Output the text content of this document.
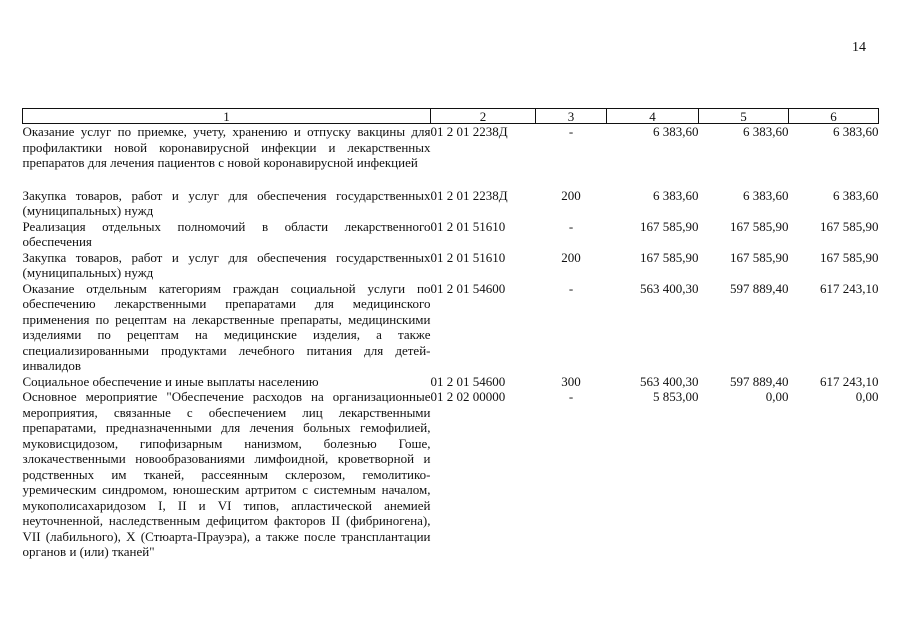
14
1	2	3	4	5	6
Оказание услуг по приемке, учету, хранению и отпуску вакцины для профилактики новой коронавирусной инфекции и лекарственных препаратов для лечения пациентов с новой коронавирусной инфекцией	01 2 01 2238Д	-	6 383,60	6 383,60	6 383,60

Закупка товаров, работ и услуг для обеспечения государственных (муниципальных) нужд	01 2 01 2238Д	200	6 383,60	6 383,60	6 383,60
Реализация отдельных полномочий в области лекарственного обеспечения	01 2 01 51610	-	167 585,90	167 585,90	167 585,90
Закупка товаров, работ и услуг для обеспечения государственных (муниципальных) нужд	01 2 01 51610	200	167 585,90	167 585,90	167 585,90
Оказание отдельным категориям граждан социальной услуги по обеспечению лекарственными препаратами для медицинского применения по рецептам на лекарственные препараты, медицинскими изделиями по рецептам на медицинские изделия, а также специализированными продуктами лечебного питания для детей-инвалидов	01 2 01 54600	-	563 400,30	597 889,40	617 243,10
Социальное обеспечение и иные выплаты населению	01 2 01 54600	300	563 400,30	597 889,40	617 243,10
Основное мероприятие "Обеспечение расходов на организационные мероприятия, связанные с обеспечением лиц лекарственными препаратами, предназначенными для лечения больных гемофилией, муковисцидозом, гипофизарным нанизмом, болезнью Гоше, злокачественными новообразованиями лимфоидной, кроветворной и родственных им тканей, рассеянным склерозом, гемолитико-уремическим синдромом, юношеским артритом с системным началом, мукополисахаридозом I, II и VI типов, апластической анемией неуточненной, наследственным дефицитом факторов II (фибриногена), VII (лабильного), X (Стюарта-Прауэра), а также после трансплантации органов и (или) тканей"	01 2 02 00000	-	5 853,00	0,00	0,00
